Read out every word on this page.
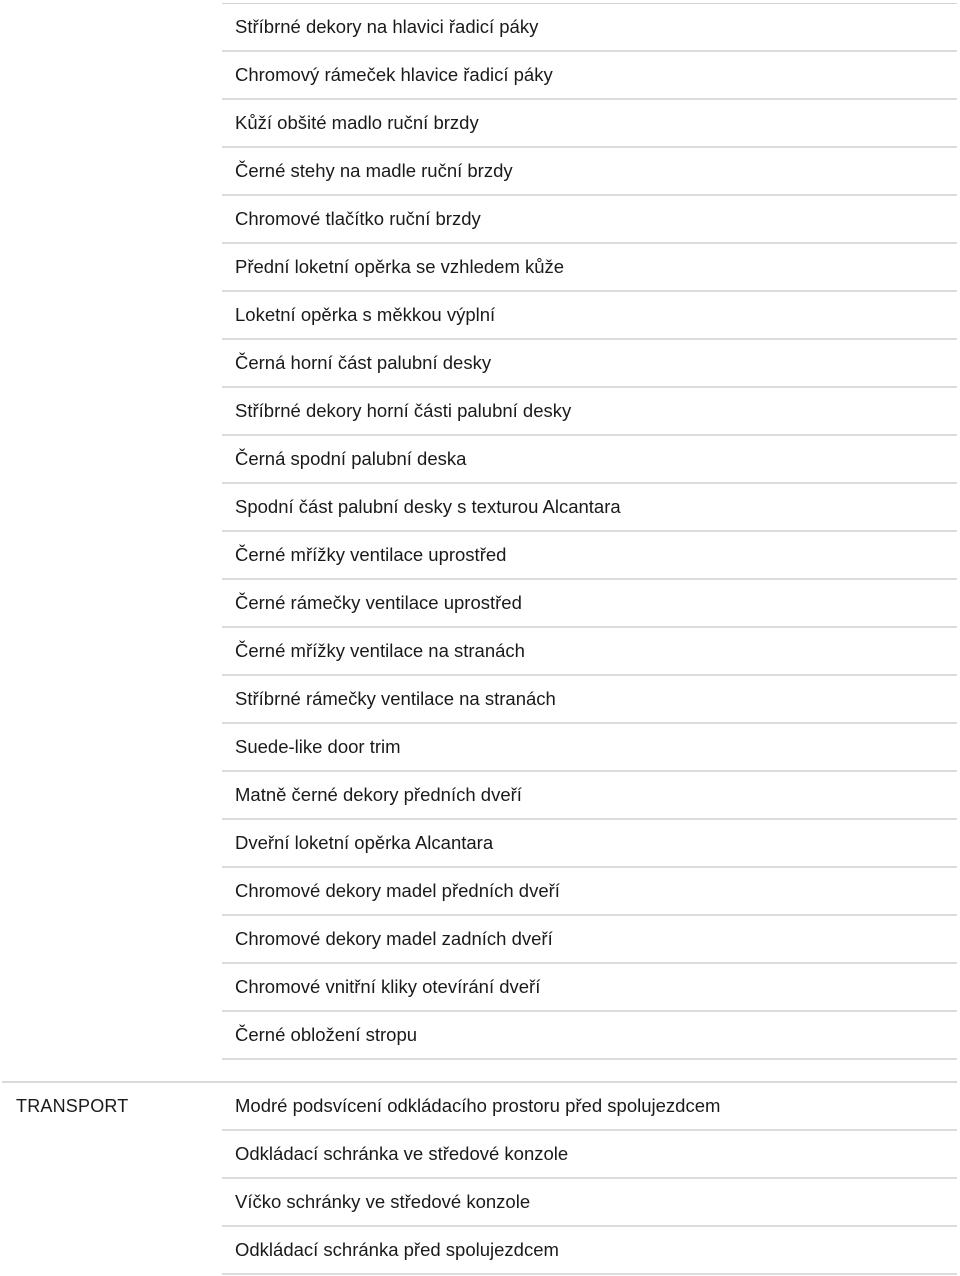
Stříbrné dekory na hlavici řadicí páky
Chromový rámeček hlavice řadicí páky
Kůží obšité madlo ruční brzdy
Černé stehy na madle ruční brzdy
Chromové tlačítko ruční brzdy
Přední loketní opěrka se vzhledem kůže
Loketní opěrka s měkkou výplní
Černá horní část palubní desky
Stříbrné dekory horní části palubní desky
Černá spodní palubní deska
Spodní část palubní desky s texturou Alcantara
Černé mřížky ventilace uprostřed
Černé rámečky ventilace uprostřed
Černé mřížky ventilace na stranách
Stříbrné rámečky ventilace na stranách
Suede-like door trim
Matně černé dekory předních dveří
Dveřní loketní opěrka Alcantara
Chromové dekory madel předních dveří
Chromové dekory madel zadních dveří
Chromové vnitřní kliky otevírání dveří
Černé obložení stropu
TRANSPORT	Modré podsvícení odkládacího prostoru před spolujezdcem
Odkládací schránka ve středové konzole
Víčko schránky ve středové konzole
Odkládací schránka před spolujezdcem
